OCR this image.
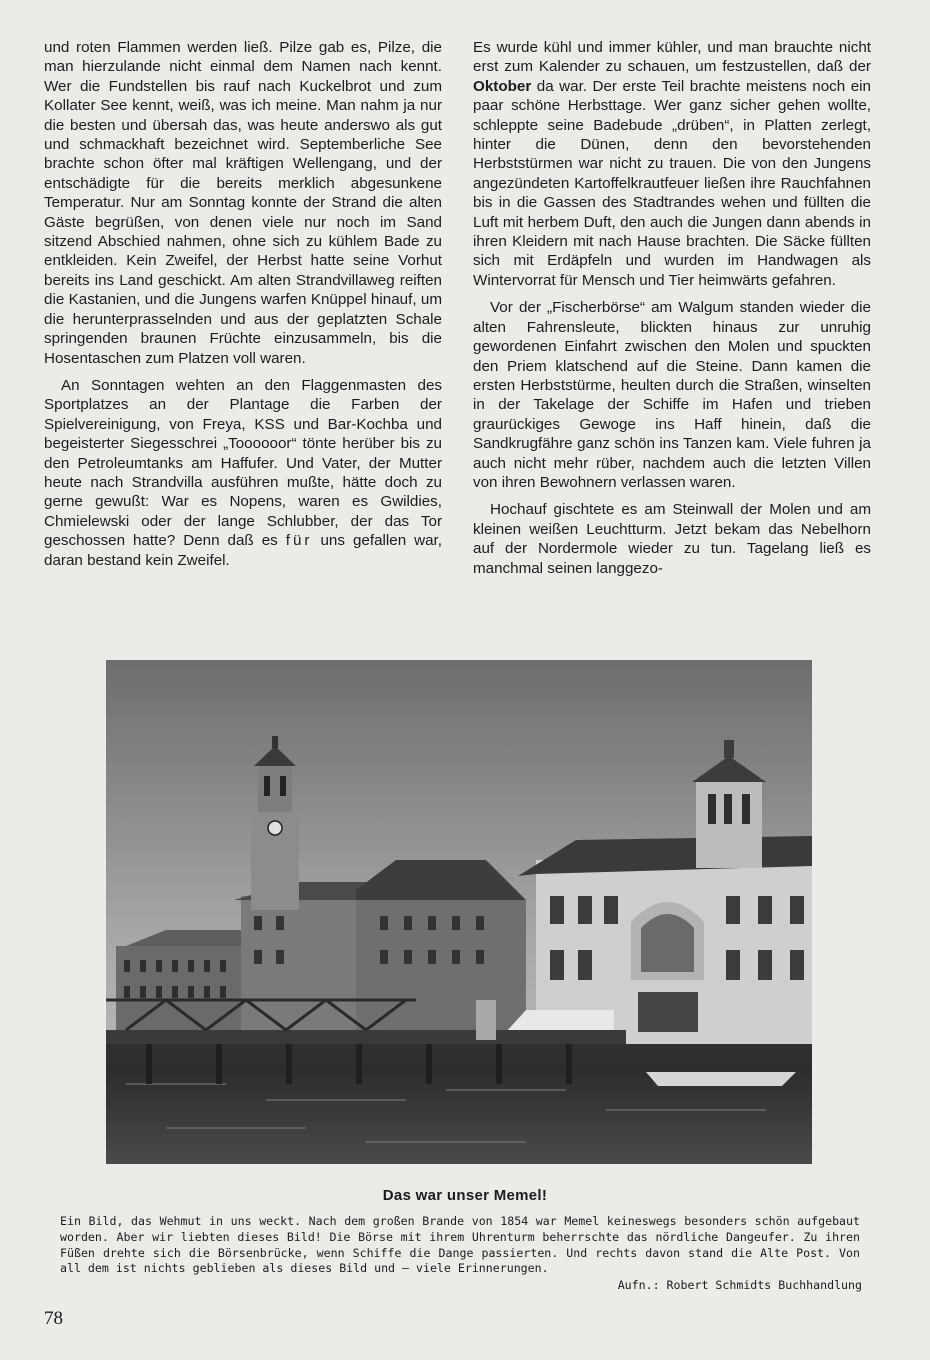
und roten Flammen werden ließ. Pilze gab es, Pilze, die man hierzulande nicht einmal dem Namen nach kennt. Wer die Fundstellen bis rauf nach Kuckelbrot und zum Kollater See kennt, weiß, was ich meine. Man nahm ja nur die besten und übersah das, was heute anderswo als gut und schmackhaft bezeichnet wird. Septemberliche See brachte schon öfter mal kräftigen Wellengang, und der entschädigte für die bereits merklich abgesunkene Temperatur. Nur am Sonntag konnte der Strand die alten Gäste begrüßen, von denen viele nur noch im Sand sitzend Abschied nahmen, ohne sich zu kühlem Bade zu entkleiden. Kein Zweifel, der Herbst hatte seine Vorhut bereits ins Land geschickt. Am alten Strandvillaweg reiften die Kastanien, und die Jungens warfen Knüppel hinauf, um die herunterprasselnden und aus der geplatzten Schale springenden braunen Früchte einzusammeln, bis die Hosentaschen zum Platzen voll waren.

An Sonntagen wehten an den Flaggenmasten des Sportplatzes an der Plantage die Farben der Spielvereinigung, von Freya, KSS und Bar-Kochba und begeisterter Siegesschrei „Toooooor“ tönte herüber bis zu den Petroleumtanks am Haffufer. Und Vater, der Mutter heute nach Strandvilla ausführen mußte, hätte doch zu gerne gewußt: War es Nopens, waren es Gwildies, Chmielewski oder der lange Schlubber, der das Tor geschossen hatte? Denn daß es für uns gefallen war, daran bestand kein Zweifel.

Es wurde kühl und immer kühler, und man brauchte nicht erst zum Kalender zu schauen, um festzustellen, daß der Oktober da war. Der erste Teil brachte meistens noch ein paar schöne Herbsttage. Wer ganz sicher gehen wollte, schleppte seine Badebude „drüben“, in Platten zerlegt, hinter die Dünen, denn den bevorstehenden Herbststürmen war nicht zu trauen. Die von den Jungens angezündeten Kartoffelkrautfeuer ließen ihre Rauchfahnen bis in die Gassen des Stadtrandes wehen und füllten die Luft mit herbem Duft, den auch die Jungen dann abends in ihren Kleidern mit nach Hause brachten. Die Säcke füllten sich mit Erdäpfeln und wurden im Handwagen als Wintervorrat für Mensch und Tier heimwärts gefahren.

Vor der „Fischerbörse“ am Walgum standen wieder die alten Fahrensleute, blickten hinaus zur unruhig gewordenen Einfahrt zwischen den Molen und spuckten den Priem klatschend auf die Steine. Dann kamen die ersten Herbststürme, heulten durch die Straßen, winselten in der Takelage der Schiffe im Hafen und trieben graurückiges Gewoge ins Haff hinein, daß die Sandkrugfähre ganz schön ins Tanzen kam. Viele fuhren ja auch nicht mehr rüber, nachdem auch die letzten Villen von ihren Bewohnern verlassen waren.

Hochauf gischtete es am Steinwall der Molen und am kleinen weißen Leuchtturm. Jetzt bekam das Nebelhorn auf der Nordermole wieder zu tun. Tagelang ließ es manchmal seinen langgezo-

Das war unser Memel!
Ein Bild, das Wehmut in uns weckt. Nach dem großen Brande von 1854 war Memel keineswegs besonders schön aufgebaut worden. Aber wir liebten dieses Bild! Die Börse mit ihrem Uhrenturm beherrschte das nördliche Dangeufer. Zu ihren Füßen drehte sich die Börsenbrücke, wenn Schiffe die Dange passierten. Und rechts davon stand die Alte Post. Von all dem ist nichts geblieben als dieses Bild und — viele Erinnerungen.
Aufn.: Robert Schmidts Buchhandlung
78
